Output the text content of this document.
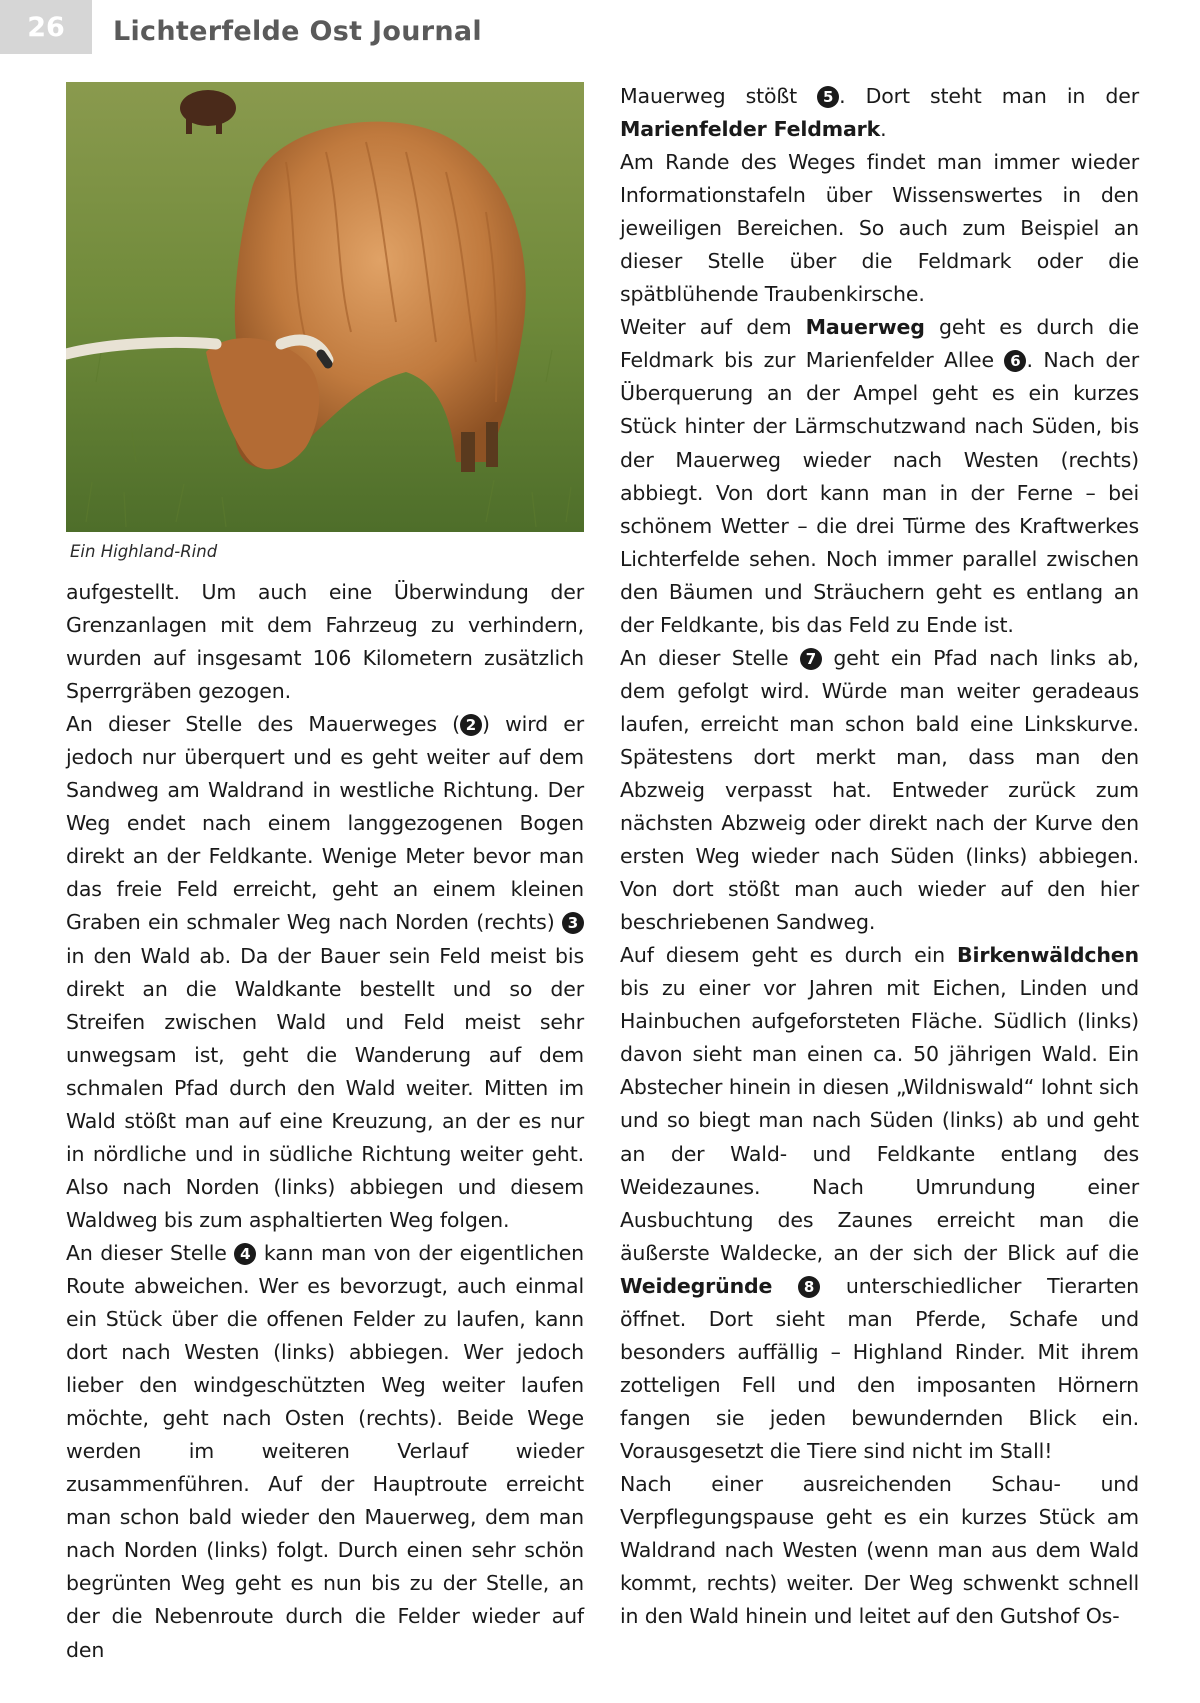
26	Lichterfelde Ost Journal
Ein Highland-Rind

aufgestellt. Um auch eine Überwindung der Grenzanlagen mit dem Fahrzeug zu verhindern, wurden auf insgesamt 106 Kilometern zusätzlich Sperrgräben gezogen.

An dieser Stelle des Mauerweges ( 2 ) wird er jedoch nur überquert und es geht weiter auf dem Sandweg am Waldrand in westliche Richtung. Der Weg endet nach einem langgezogenen Bogen direkt an der Feldkante. Wenige Meter bevor man das freie Feld erreicht, geht an einem kleinen Graben ein schmaler Weg nach Norden (rechts) 3 in den Wald ab. Da der Bauer sein Feld meist bis direkt an die Waldkante bestellt und so der Streifen zwischen Wald und Feld meist sehr unwegsam ist, geht die Wanderung auf dem schmalen Pfad durch den Wald weiter. Mitten im Wald stößt man auf eine Kreuzung, an der es nur in nördliche und in südliche Richtung weiter geht. Also nach Norden (links) abbiegen und diesem Waldweg bis zum asphaltierten Weg folgen.

An dieser Stelle 4 kann man von der eigentlichen Route abweichen. Wer es bevorzugt, auch einmal ein Stück über die offenen Felder zu laufen, kann dort nach Westen (links) abbiegen. Wer jedoch lieber den windgeschützten Weg weiter laufen möchte, geht nach Osten (rechts). Beide Wege werden im weiteren Verlauf wieder zusammenführen. Auf der Hauptroute erreicht man schon bald wieder den Mauerweg, dem man nach Norden (links) folgt. Durch einen sehr schön begrünten Weg geht es nun bis zu der Stelle, an der die Nebenroute durch die Felder wieder auf den

Mauerweg stößt 5 . Dort steht man in der Marienfelder Feldmark.

Am Rande des Weges findet man immer wieder Informationstafeln über Wissenswertes in den jeweiligen Bereichen. So auch zum Beispiel an dieser Stelle über die Feldmark oder die spätblühende Traubenkirsche.

Weiter auf dem Mauerweg geht es durch die Feldmark bis zur Marienfelder Allee 6 . Nach der Überquerung an der Ampel geht es ein kurzes Stück hinter der Lärmschutzwand nach Süden, bis der Mauerweg wieder nach Westen (rechts) abbiegt. Von dort kann man in der Ferne – bei schönem Wetter – die drei Türme des Kraftwerkes Lichterfelde sehen. Noch immer parallel zwischen den Bäumen und Sträuchern geht es entlang an der Feldkante, bis das Feld zu Ende ist.

An dieser Stelle 7 geht ein Pfad nach links ab, dem gefolgt wird. Würde man weiter geradeaus laufen, erreicht man schon bald eine Linkskurve. Spätestens dort merkt man, dass man den Abzweig verpasst hat. Entweder zurück zum nächsten Abzweig oder direkt nach der Kurve den ersten Weg wieder nach Süden (links) abbiegen. Von dort stößt man auch wieder auf den hier beschriebenen Sandweg.

Auf diesem geht es durch ein Birkenwäldchen bis zu einer vor Jahren mit Eichen, Linden und Hainbuchen aufgeforsteten Fläche. Südlich (links) davon sieht man einen ca. 50 jährigen Wald. Ein Abstecher hinein in diesen „Wildniswald“ lohnt sich und so biegt man nach Süden (links) ab und geht an der Wald- und Feldkante entlang des Weidezaunes. Nach Umrundung einer Ausbuchtung des Zaunes erreicht man die äußerste Waldecke, an der sich der Blick auf die Weidegründe 8 unterschiedlicher Tierarten öffnet. Dort sieht man Pferde, Schafe und besonders auffällig – Highland Rinder. Mit ihrem zotteligen Fell und den imposanten Hörnern fangen sie jeden bewundernden Blick ein. Vorausgesetzt die Tiere sind nicht im Stall!

Nach einer ausreichenden Schau- und Verpflegungspause geht es ein kurzes Stück am Waldrand nach Westen (wenn man aus dem Wald kommt, rechts) weiter. Der Weg schwenkt schnell in den Wald hinein und leitet auf den Gutshof Os-
